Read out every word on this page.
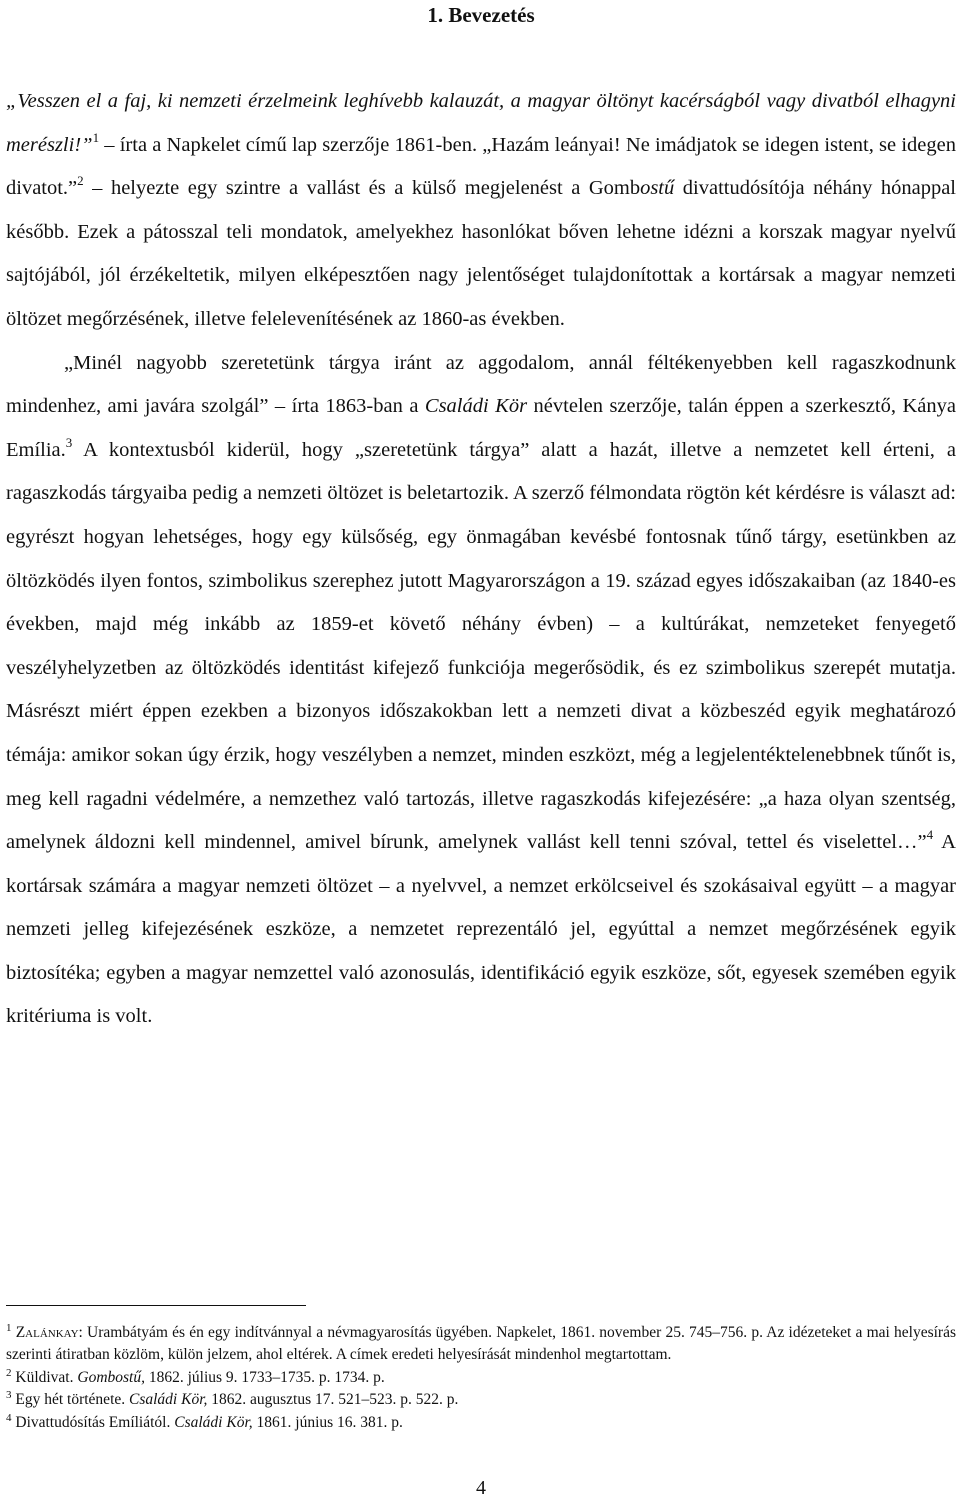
1. Bevezetés

„Vesszen el a faj, ki nemzeti érzelmeink leghívebb kalauzát, a magyar öltönyt kacérságból vagy divatból elhagyni merészli!”$^1$ – írta a Napkelet című lap szerzője 1861-ben. „Hazám leányai! Ne imádjatok se idegen istent, se idegen divatot.”$^2$ – helyezte egy szintre a vallást és a külső megjelenést a Gombostű divattudósítója néhány hónappal később. Ezek a pátosszal teli mondatok, amelyekhez hasonlókat bőven lehetne idézni a korszak magyar nyelvű sajtójából, jól érzékeltetik, milyen elképesztően nagy jelentőséget tulajdonítottak a kortársak a magyar nemzeti öltözet megőrzésének, illetve felelevenítésének az 1860-as években.

„Minél nagyobb szeretetünk tárgya iránt az aggodalom, annál féltékenyebben kell ragaszkodnunk mindenhez, ami javára szolgál” – írta 1863-ban a Családi Kör névtelen szerzője, talán éppen a szerkesztő, Kánya Emília.$^3$ A kontextusból kiderül, hogy „szeretetünk tárgya” alatt a hazát, illetve a nemzetet kell érteni, a ragaszkodás tárgyaiba pedig a nemzeti öltözet is beletartozik. A szerző félmondata rögtön két kérdésre is választ ad: egyrészt hogyan lehetséges, hogy egy külsőség, egy önmagában kevésbé fontosnak tűnő tárgy, esetünkben az öltözködés ilyen fontos, szimbolikus szerephez jutott Magyarországon a 19. század egyes időszakaiban (az 1840-es években, majd még inkább az 1859-et követő néhány évben) – a kultúrákat, nemzeteket fenyegető veszélyhelyzetben az öltözködés identitást kifejező funkciója megerősödik, és ez szimbolikus szerepét mutatja. Másrészt miért éppen ezekben a bizonyos időszakokban lett a nemzeti divat a közbeszéd egyik meghatározó témája: amikor sokan úgy érzik, hogy veszélyben a nemzet, minden eszközt, még a legjelentéktelenebbnek tűnőt is, meg kell ragadni védelmére, a nemzethez való tartozás, illetve ragaszkodás kifejezésére: „a haza olyan szentség, amelynek áldozni kell mindennel, amivel bírunk, amelynek vallást kell tenni szóval, tettel és viselettel…”$^4$ A kortársak számára a magyar nemzeti öltözet – a nyelvvel, a nemzet erkölcseivel és szokásaival együtt – a magyar nemzeti jelleg kifejezésének eszköze, a nemzetet reprezentáló jel, egyúttal a nemzet megőrzésének egyik biztosítéka; egyben a magyar nemzettel való azonosulás, identifikáció egyik eszköze, sőt, egyesek szemében egyik kritériuma is volt.

$^1$ Zalánkay: Urambátyám és én egy indítvánnyal a névmagyarosítás ügyében. Napkelet, 1861. november 25. 745–756. p. Az idézeteket a mai helyesírás szerinti átiratban közlöm, külön jelzem, ahol eltérek. A címek eredeti helyesírását mindenhol megtartottam.

$^2$ Küldivat. Gombostű, 1862. július 9. 1733–1735. p. 1734. p.

$^3$ Egy hét története. Családi Kör, 1862. augusztus 17. 521–523. p. 522. p.

$^4$ Divattudósítás Emíliától. Családi Kör, 1861. június 16. 381. p.

4
